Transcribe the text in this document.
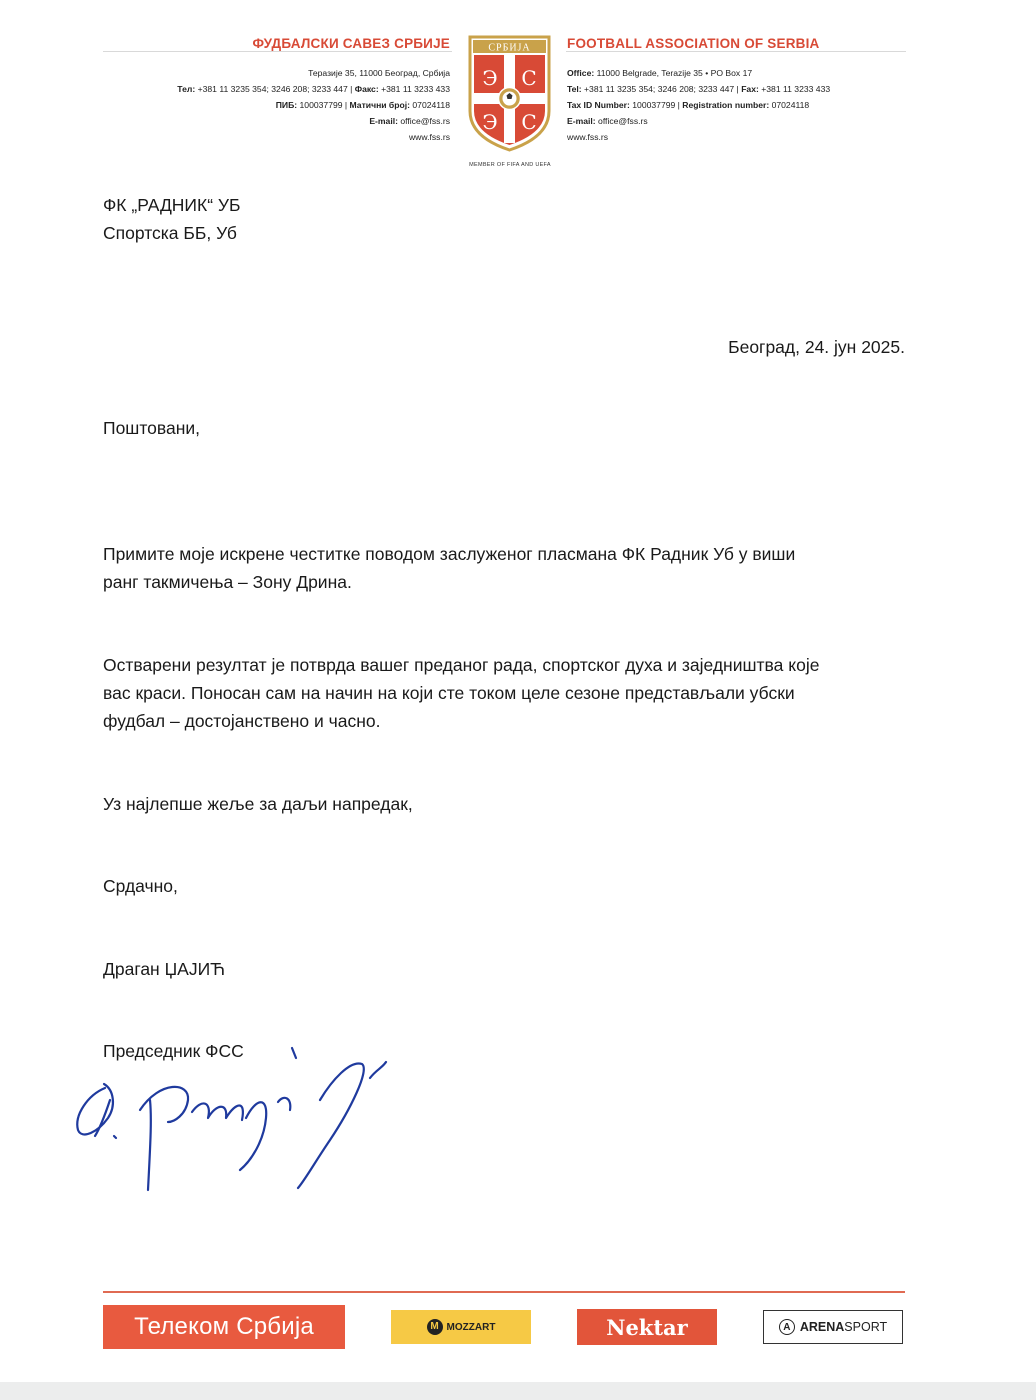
ФУДБАЛСКИ САВЕЗ СРБИЈЕ
Теразије 35, 11000 Београд, Србија
Тел: +381 11 3235 354; 3246 208; 3233 447 | Факс: +381 11 3233 433
ПИБ: 100037799 | Матични број: 07024118
E-mail: office@fss.rs
www.fss.rs
СРБИЈА
Э С
Э С
MEMBER OF FIFA AND UEFA
FOOTBALL ASSOCIATION OF SERBIA
Office: 11000 Belgrade, Terazije 35 • PO Box 17
Tel: +381 11 3235 354; 3246 208; 3233 447 | Fax: +381 11 3233 433
Tax ID Number: 100037799 | Registration number: 07024118
E-mail: office@fss.rs
www.fss.rs
ФК „РАДНИК“ УБ
Спортска ББ, Уб
Београд, 24. јун 2025.
Поштовани,
Примите моје искрене честитке поводом заслуженог пласмана ФК Радник Уб у виши
ранг такмичења – Зону Дрина.
Остварени резултат је потврда вашег преданог рада, спортског духа и заједништва које
вас краси. Поносан сам на начин на који сте током целе сезоне представљали убски
фудбал – достојанствено и часно.
Уз најлепше жеље за даљи напредак,
Срдачно,
Драган ЏАЈИЋ
Председник ФСС
Телеком Србија	M MOZZART	Nektar	A ARENA SPORT
